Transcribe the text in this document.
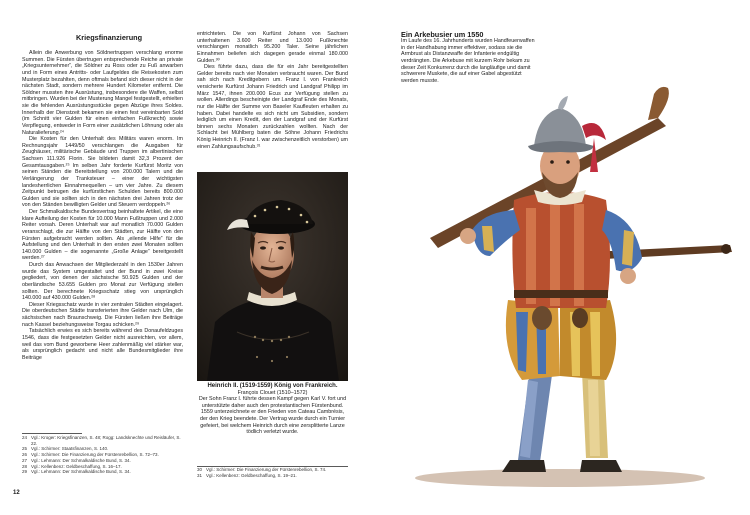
Kriegsfinanzierung

Allein die Anwerbung von Söldnertruppen verschlang enorme Summen. Die Fürsten übertrugen entsprechende Reiche an private „Kriegsunternehmer“, die Söldner zu Ross oder zu Fuß anwarben und in Form eines Antritts- oder Laufgeldes die Reisekosten zum Musterplatz bezahlten, denn oftmals befand sich dieser nicht in der nächsten Stadt, sondern mehrere Hundert Kilometer entfernt. Die Söldner mussten ihre Ausrüstung, insbesondere die Waffen, selbst mitbringen. Wurden bei der Musterung Mangel festgestellt, erhielten sie die fehlenden Ausrüstungsstücke gegen Abzüge ihres Soldes. Innerhalb der Dienstzeit bekamen sie einen fest vereinbarten Sold (im Schnitt vier Gulden für einen einfachen Fußknecht) sowie Verpflegung, entweder in Form einer zusätzlichen Löhnung oder als Naturalieferung.²⁴

Die Kosten für den Unterhalt des Militärs waren enorm. Im Rechnungsjahr 1449/50 verschlangen die Ausgaben für Zeughäuser, militärische Gebäude und Truppen im albertinischen Sachsen 111.926 Florin. Sie bildeten damit 32,3 Prozent der Gesamtausgaben.²⁵ Im selben Jahr forderte Kurfürst Moritz von seinen Ständen die Bereitstellung von 200.000 Talern und die Verlängerung der Tranksteuer – einer der wichtigsten landesherrlichen Einnahmequellen – um vier Jahre. Zu diesem Zeitpunkt betrugen die kurfürstlichen Schulden bereits 800.000 Gulden und sie sollten sich in den nächsten drei Jahren trotz der von den Ständen bewilligten Gelder und Steuern verdoppeln.²⁶

Der Schmalkaldische Bundesvertrag beinhaltete Artikel, die eine klare Aufteilung der Kosten für 10.000 Mann Fußtruppen und 2.000 Reiter vorsah. Deren Unterhalt war auf monatlich 70.000 Gulden veranschlagt, die zur Hälfte von den Städten, zur Hälfte von den Fürsten aufgebracht werden sollten. Als „eilende Hilfe“ für die Aufstellung und den Unterhalt in den ersten zwei Monaten sollten 140.000 Gulden – die sogenannte „Große Anlage“ bereitgestellt werden.²⁷

Durch das Anwachsen der Mitgliederzahl in den 1530er Jahren wurde das System umgestaltet und der Bund in zwei Kreise gegliedert, von denen der sächsische 50.925 Gulden und der oberländische 53.655 Gulden pro Monat zur Verfügung stellen sollten. Der berechnete Kriegsschatz stieg von ursprünglich 140.000 auf 430.000 Gulden.²⁸

Dieser Kriegsschatz wurde in vier zentralen Städten eingelagert. Die oberdeutschen Städte transferierten ihre Gelder nach Ulm, die sächsischen nach Braunschweig. Die Fürsten ließen ihre Beiträge nach Kassel beziehungsweise Torgau schicken.²⁹

Tatsächlich erwies es sich bereits während des Donaufeldzuges 1546, dass die festgesetzten Gelder nicht ausreichten, vor allem, weil das vom Bund geworbene Heer zahlenmäßig viel stärker war, als ursprünglich gedacht und nicht alle Bundesmitglieder ihre Beiträge

24 Vgl.: Kroger: Kriegsfinanzen, S. 48; Rogg: Landsknechte und Reisläufer, S. 22.
25 Vgl.: Schirmer: Staatsfinanzen, S. 140.
26 Vgl.: Schirmer: Die Finanzierung der Fürstenrebellion, S. 72–73.
27 Vgl.: Lehmann: Der Schmalkaldische Bund, S. 34.
28 Vgl.: Kellenbenz: Geldbeschaffung, S. 16–17.
29 Vgl.: Lehmann: Der Schmalkaldische Bund, S. 34.
12

entrichteten. Die von Kurfürst Johann von Sachsen unterhaltenen 3.600 Reiter und 13.000 Fußknechte verschlangen monatlich 95.200 Taler. Seine jährlichen Einnahmen beliefen sich dagegen gerade einmal 180.000 Gulden.³⁰

Dies führte dazu, dass die für ein Jahr bereitgestellten Gelder bereits nach vier Monaten verbraucht waren. Der Bund sah sich nach Kreditgebern um. Franz I. von Frankreich versicherte Kurfürst Johann Friedrich und Landgraf Philipp im März 1547, ihnen 200.000 Ecus zur Verfügung stellen zu wollen. Allerdings bescheinigte der Landgraf Ende des Monats, nur die Hälfte der Summe von Baseler Kaufleuten erhalten zu haben. Dabei handelte es sich nicht um Subsidien, sondern lediglich um einen Kredit, den der Landgraf und der Kurfürst binnen sechs Monaten zurückzahlen wollten. Nach der Schlacht bei Mühlberg baten die Söhne Johann Friedrichs König Heinrich II. (Franz I. war zwischenzeitlich verstorben) um einen Zahlungsaufschub.³¹

Heinrich II. (1519-1559) König von Frankreich.
François Clouet (1510–1572)
Der Sohn Franz I. führte dessen Kampf gegen Karl V. fort und unterstützte daher auch den protestantischen Fürstenbund. 1559 unterzeichnete er den Frieden von Cateau Cambrésis, der den Krieg beendete. Der Vertrag wurde durch ein Turnier gefeiert, bei welchem Heinrich durch eine zersplitterte Lanze tödlich verletzt wurde.
30 Vgl.: Schirmer: Die Finanzierung der Fürstenrebellion, S. 74.
31 Vgl.: Kellenbenz: Geldbeschaffung, S. 19–21.
Ein Arkebusier um 1550

Im Laufe des 16. Jahrhunderts wurden Handfeuerwaffen in der Handhabung immer effektiver, sodass sie die Armbrust als Distanzwaffe der Infanterie endgültig verdrängten. Die Arkebuse mit kurzem Rohr bekam zu dieser Zeit Konkurrenz durch die langläufige und damit schwerere Muskete, die auf einer Gabel abgestützt werden musste.
